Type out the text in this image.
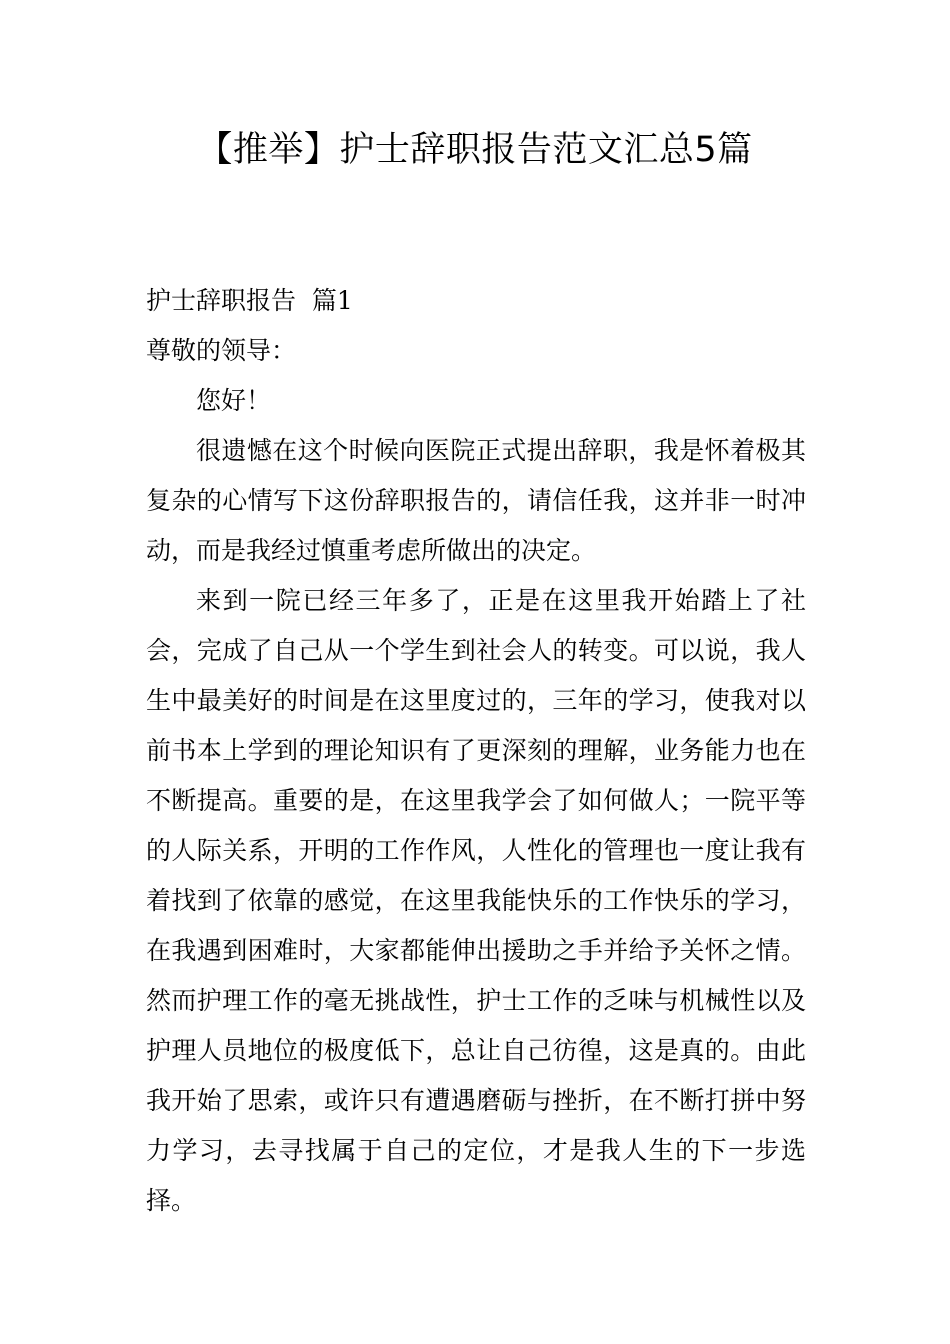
【推举】护士辞职报告范文汇总5篇

护士辞职报告  篇1

尊敬的领导：

您好！

很遗憾在这个时候向医院正式提出辞职，我是怀着极其复杂的心情写下这份辞职报告的，请信任我，这并非一时冲动，而是我经过慎重考虑所做出的决定。

来到一院已经三年多了，正是在这里我开始踏上了社会，完成了自己从一个学生到社会人的转变。可以说，我人生中最美好的时间是在这里度过的，三年的学习，使我对以前书本上学到的理论知识有了更深刻的理解，业务能力也在不断提高。重要的是，在这里我学会了如何做人；一院平等的人际关系，开明的工作作风，人性化的管理也一度让我有着找到了依靠的感觉，在这里我能快乐的工作快乐的学习，在我遇到困难时，大家都能伸出援助之手并给予关怀之情。然而护理工作的毫无挑战性，护士工作的乏味与机械性以及护理人员地位的极度低下，总让自己彷徨，这是真的。由此我开始了思索，或许只有遭遇磨砺与挫折，在不断打拼中努力学习，去寻找属于自己的定位，才是我人生的下一步选择。
